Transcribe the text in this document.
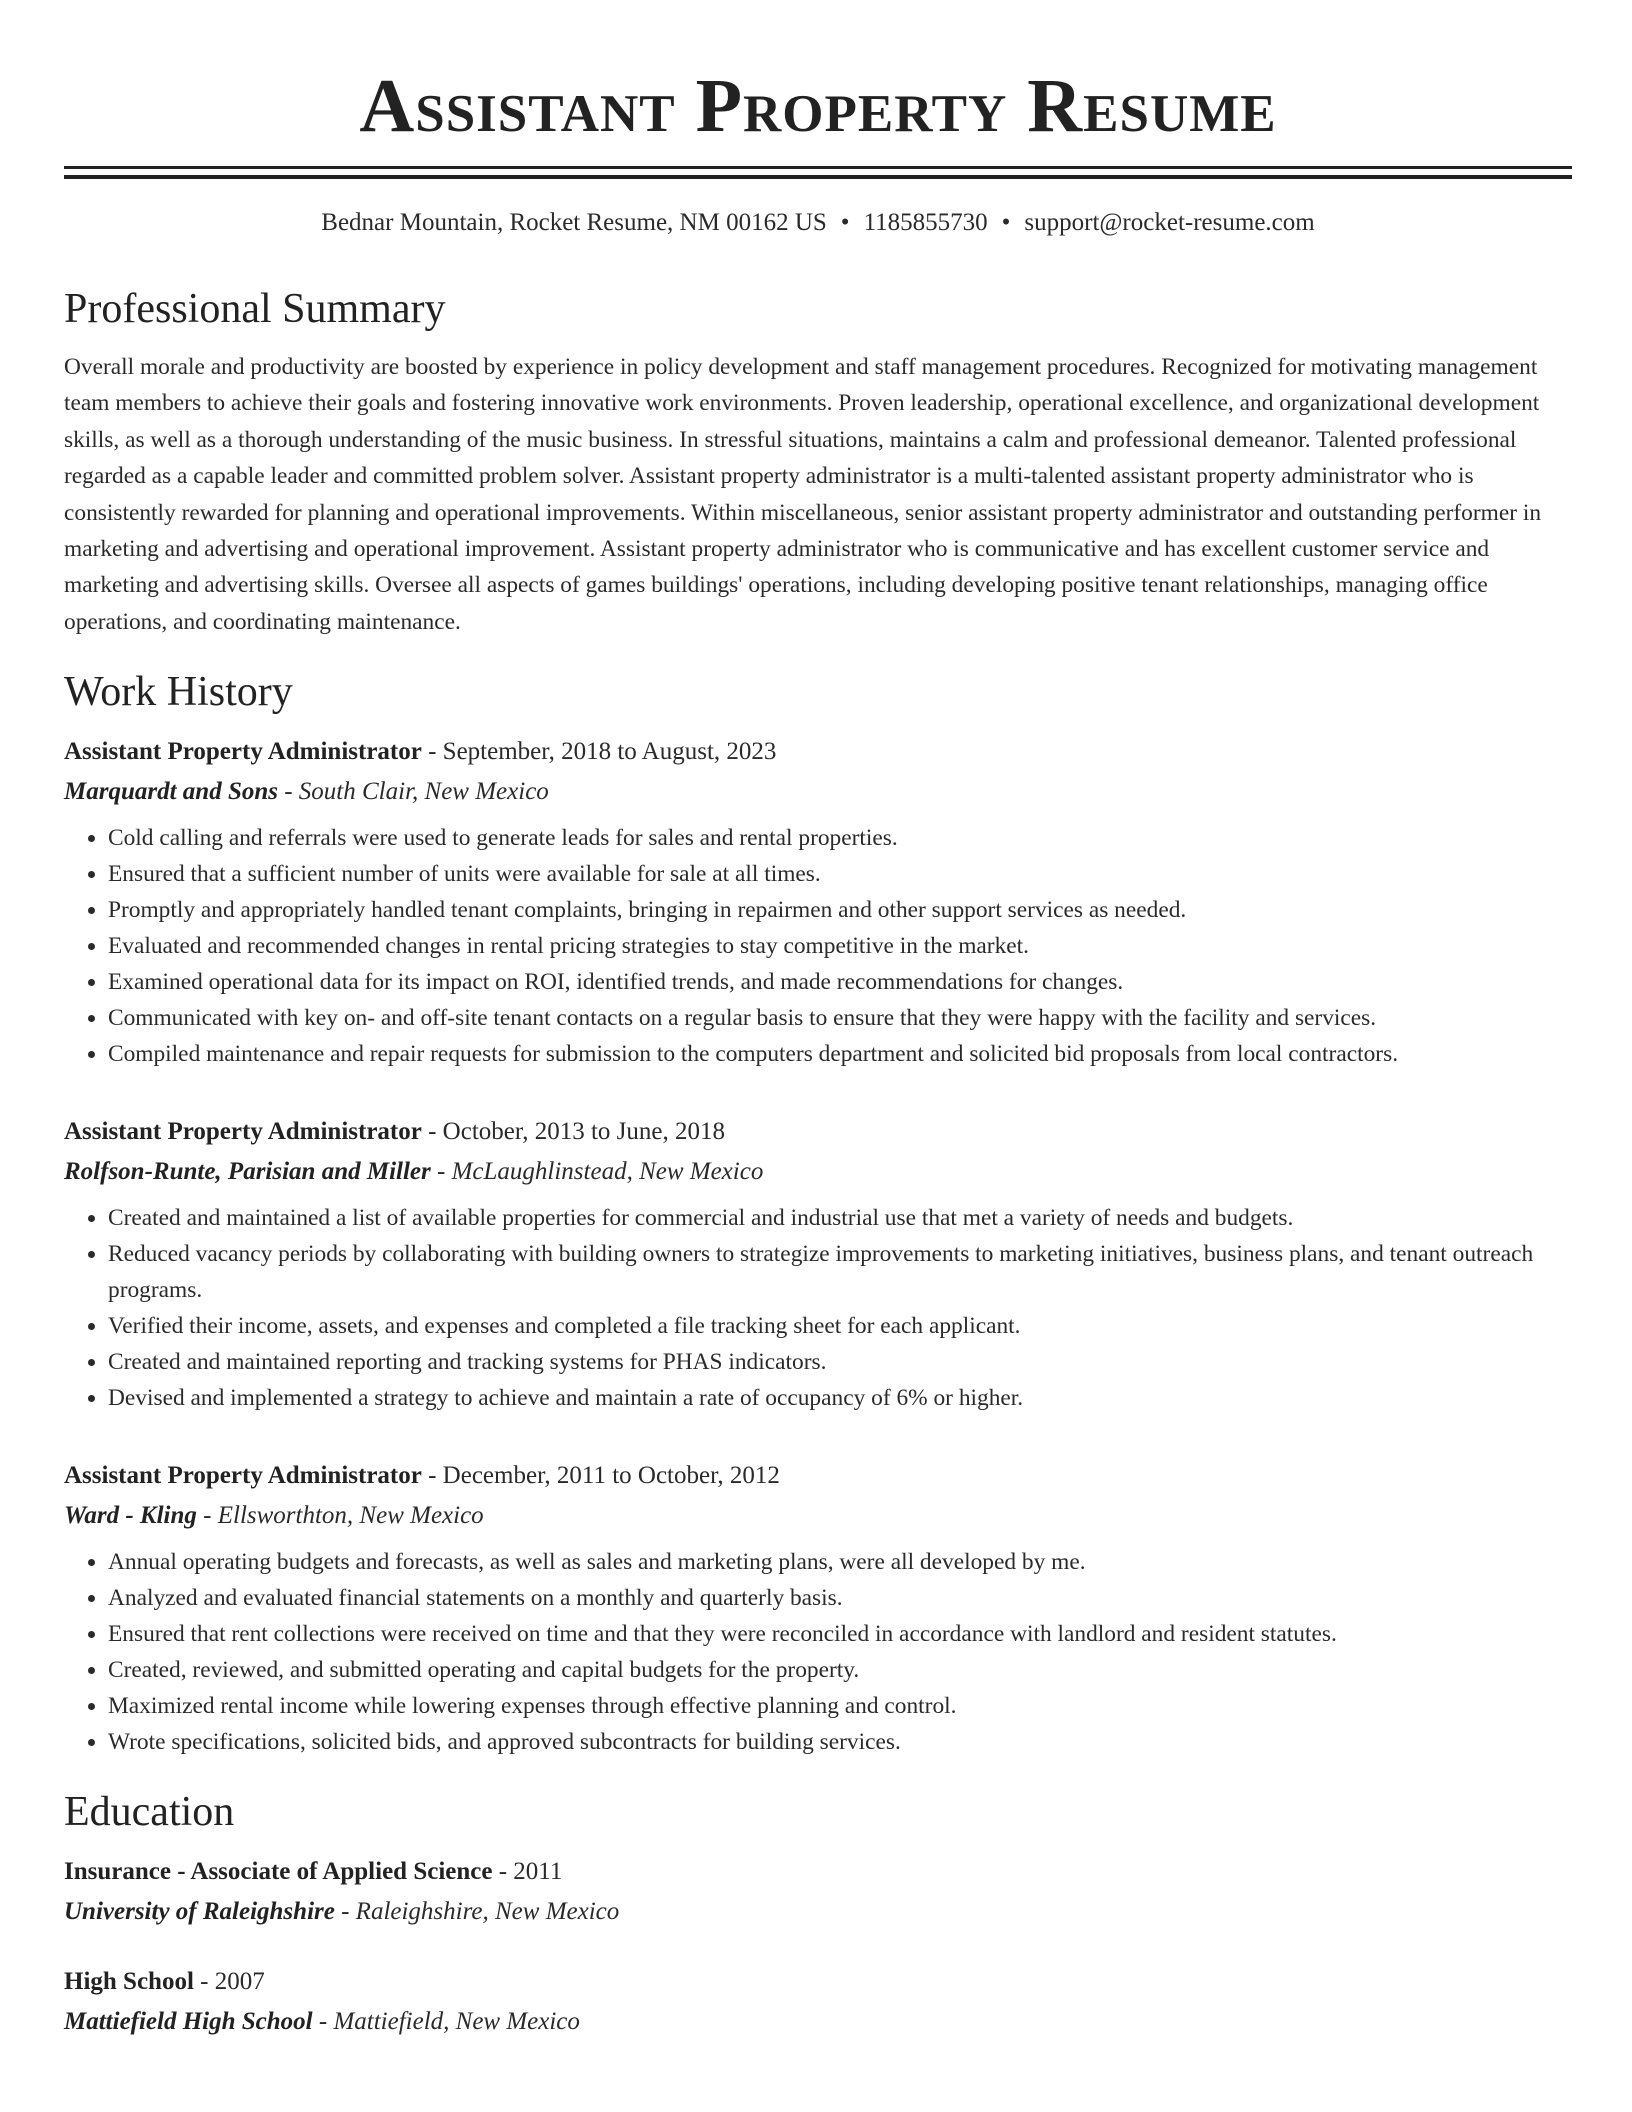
Assistant Property Resume
Bednar Mountain, Rocket Resume, NM 00162 US • 1185855730 • support@rocket-resume.com
Professional Summary

Overall morale and productivity are boosted by experience in policy development and staff management procedures. Recognized for motivating management team members to achieve their goals and fostering innovative work environments. Proven leadership, operational excellence, and organizational development skills, as well as a thorough understanding of the music business. In stressful situations, maintains a calm and professional demeanor. Talented professional regarded as a capable leader and committed problem solver. Assistant property administrator is a multi-talented assistant property administrator who is consistently rewarded for planning and operational improvements. Within miscellaneous, senior assistant property administrator and outstanding performer in marketing and advertising and operational improvement. Assistant property administrator who is communicative and has excellent customer service and marketing and advertising skills. Oversee all aspects of games buildings' operations, including developing positive tenant relationships, managing office operations, and coordinating maintenance.

Work History
Assistant Property Administrator - September, 2018 to August, 2023
Marquardt and Sons - South Clair, New Mexico
• Cold calling and referrals were used to generate leads for sales and rental properties.
• Ensured that a sufficient number of units were available for sale at all times.
• Promptly and appropriately handled tenant complaints, bringing in repairmen and other support services as needed.
• Evaluated and recommended changes in rental pricing strategies to stay competitive in the market.
• Examined operational data for its impact on ROI, identified trends, and made recommendations for changes.
• Communicated with key on- and off-site tenant contacts on a regular basis to ensure that they were happy with the facility and services.
• Compiled maintenance and repair requests for submission to the computers department and solicited bid proposals from local contractors.
Assistant Property Administrator - October, 2013 to June, 2018
Rolfson-Runte, Parisian and Miller - McLaughlinstead, New Mexico
• Created and maintained a list of available properties for commercial and industrial use that met a variety of needs and budgets.
• Reduced vacancy periods by collaborating with building owners to strategize improvements to marketing initiatives, business plans, and tenant outreach programs.
• Verified their income, assets, and expenses and completed a file tracking sheet for each applicant.
• Created and maintained reporting and tracking systems for PHAS indicators.
• Devised and implemented a strategy to achieve and maintain a rate of occupancy of 6% or higher.
Assistant Property Administrator - December, 2011 to October, 2012
Ward - Kling - Ellsworthton, New Mexico
• Annual operating budgets and forecasts, as well as sales and marketing plans, were all developed by me.
• Analyzed and evaluated financial statements on a monthly and quarterly basis.
• Ensured that rent collections were received on time and that they were reconciled in accordance with landlord and resident statutes.
• Created, reviewed, and submitted operating and capital budgets for the property.
• Maximized rental income while lowering expenses through effective planning and control.
• Wrote specifications, solicited bids, and approved subcontracts for building services.
Education
Insurance - Associate of Applied Science - 2011
University of Raleighshire - Raleighshire, New Mexico
High School - 2007
Mattiefield High School - Mattiefield, New Mexico
